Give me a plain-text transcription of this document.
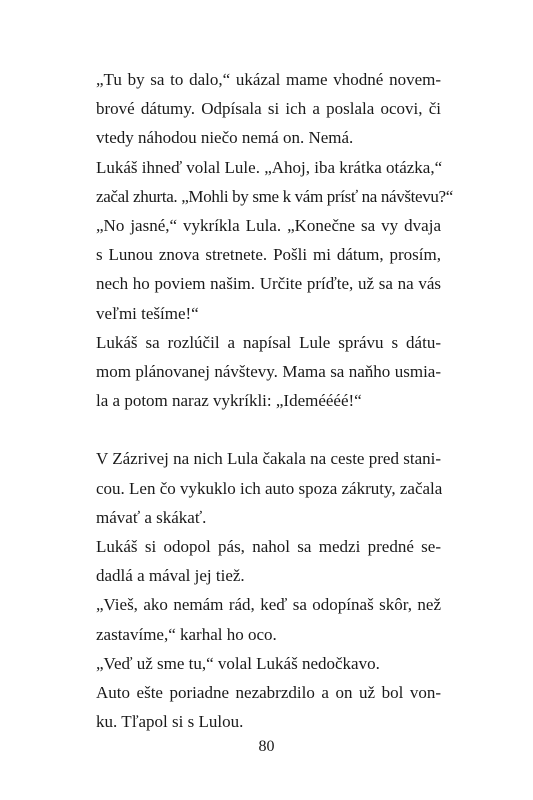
„Tu by sa to dalo,“ ukázal mame vhodné novem-
brové dátumy. Odpísala si ich a poslala ocovi, či
vtedy náhodou niečo nemá on. Nemá.
Lukáš ihneď volal Lule. „Ahoj, iba krátka otázka,“
začal zhurta. „Mohli by sme k vám prísť na návštevu?“
„No jasné,“ vykríkla Lula. „Konečne sa vy dvaja
s Lunou znova stretnete. Pošli mi dátum, prosím,
nech ho poviem našim. Určite príďte, už sa na vás
veľmi tešíme!“
Lukáš sa rozlúčil a napísal Lule správu s dátu-
mom plánovanej návštevy. Mama sa naňho usmia-
la a potom naraz vykríkli: „Ideméééé!“
V Zázrivej na nich Lula čakala na ceste pred stani-
cou. Len čo vykuklo ich auto spoza zákruty, začala
mávať a skákať.
Lukáš si odopol pás, nahol sa medzi predné se-
dadlá a mával jej tiež.
„Vieš, ako nemám rád, keď sa odopínaš skôr, než
zastavíme,“ karhal ho oco.
„Veď už sme tu,“ volal Lukáš nedočkavo.
Auto ešte poriadne nezabrzdilo a on už bol von-
ku. Tľapol si s Lulou.
80
